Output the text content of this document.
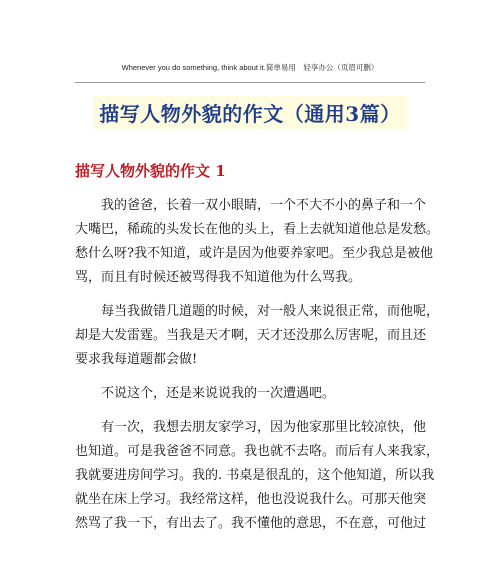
Whenever you do something, think about it.简单易用　轻享办公（页眉可删）
描写人物外貌的作文（通用3篇）
描写人物外貌的作文 1

我的爸爸，长着一双小眼睛，一个不大不小的鼻子和一个
大嘴巴，稀疏的头发长在他的头上，看上去就知道他总是发愁。
愁什么呀?我不知道，或许是因为他要养家吧。至少我总是被他
骂，而且有时候还被骂得我不知道他为什么骂我。

每当我做错几道题的时候，对一般人来说很正常，而他呢，
却是大发雷霆。当我是天才啊，天才还没那么厉害呢，而且还
要求我每道题都会做!

不说这个，还是来说说我的一次遭遇吧。

有一次，我想去朋友家学习，因为他家那里比较凉快，他
也知道。可是我爸爸不同意。我也就不去咯。而后有人来我家，
我就要进房间学习。我的. 书桌是很乱的，这个他知道，所以我
就坐在床上学习。我经常这样，他也没说我什么。可那天他突
然骂了我一下，有出去了。我不懂他的意思，不在意，可他过
